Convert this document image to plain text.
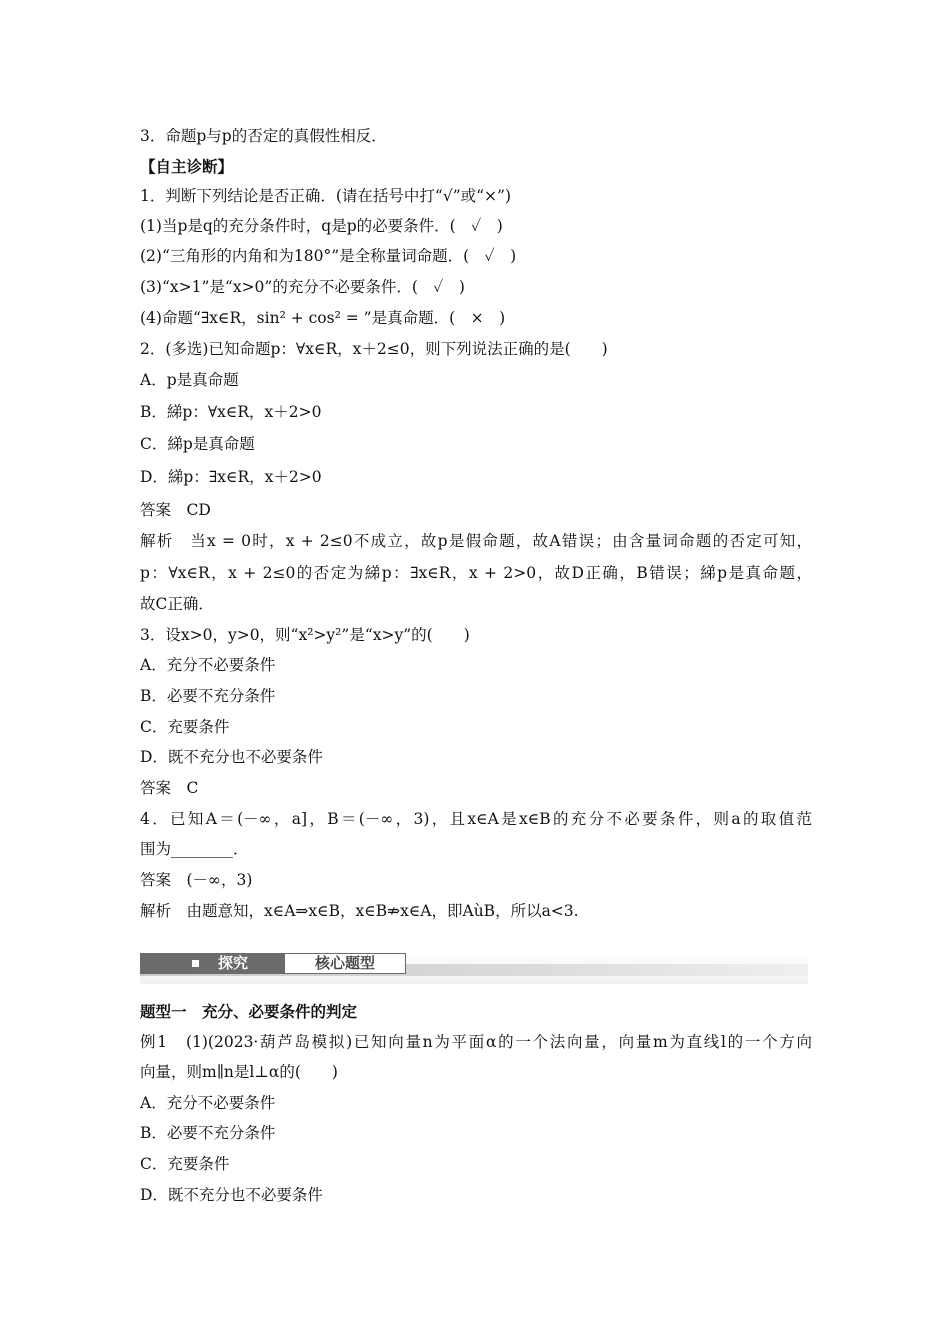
3．命题p与p的否定的真假性相反．
【自主诊断】
1．判断下列结论是否正确．(请在括号中打“√”或“×”)
(1)当p是q的充分条件时，q是p的必要条件．(　✓　)
(2)“三角形的内角和为180°”是全称量词命题．(　✓　)
(3)“x>1”是“x>0”的充分不必要条件．(　✓　)
(4)命题“∃x∈R，sin² + cos² = ”是真命题．(　×　)
2．(多选)已知命题p：∀x∈R，x＋2≤0，则下列说法正确的是(　　)
A．p是真命题
B．綈p：∀x∈R，x＋2>0
C．綈p是真命题
D．綈p：∃x∈R，x＋2>0
答案　CD
解析　当x = 0时，x + 2≤0不成立，故p是假命题，故A错误；由含量词命题的否定可知，
p：∀x∈R，x + 2≤0的否定为綈p：∃x∈R，x + 2>0，故D正确，B错误；綈p是真命题，
故C正确．
3．设x>0，y>0，则“x²>y²”是“x>y”的(　　)
A．充分不必要条件
B．必要不充分条件
C．充要条件
D．既不充分也不必要条件
答案　C
4．已知A＝(－∞，a]，B＝(－∞，3)，且x∈A是x∈B的充分不必要条件，则a的取值范
围为________．
答案　(－∞，3)
解析　由题意知，x∈A⇒x∈B，x∈B⇏x∈A，即AùB，所以a<3.
探究	核心题型
题型一　充分、必要条件的判定
例1　(1)(2023·葫芦岛模拟)已知向量n为平面α的一个法向量，向量m为直线l的一个方向
向量，则m∥n是l⊥α的(　　)
A．充分不必要条件
B．必要不充分条件
C．充要条件
D．既不充分也不必要条件
